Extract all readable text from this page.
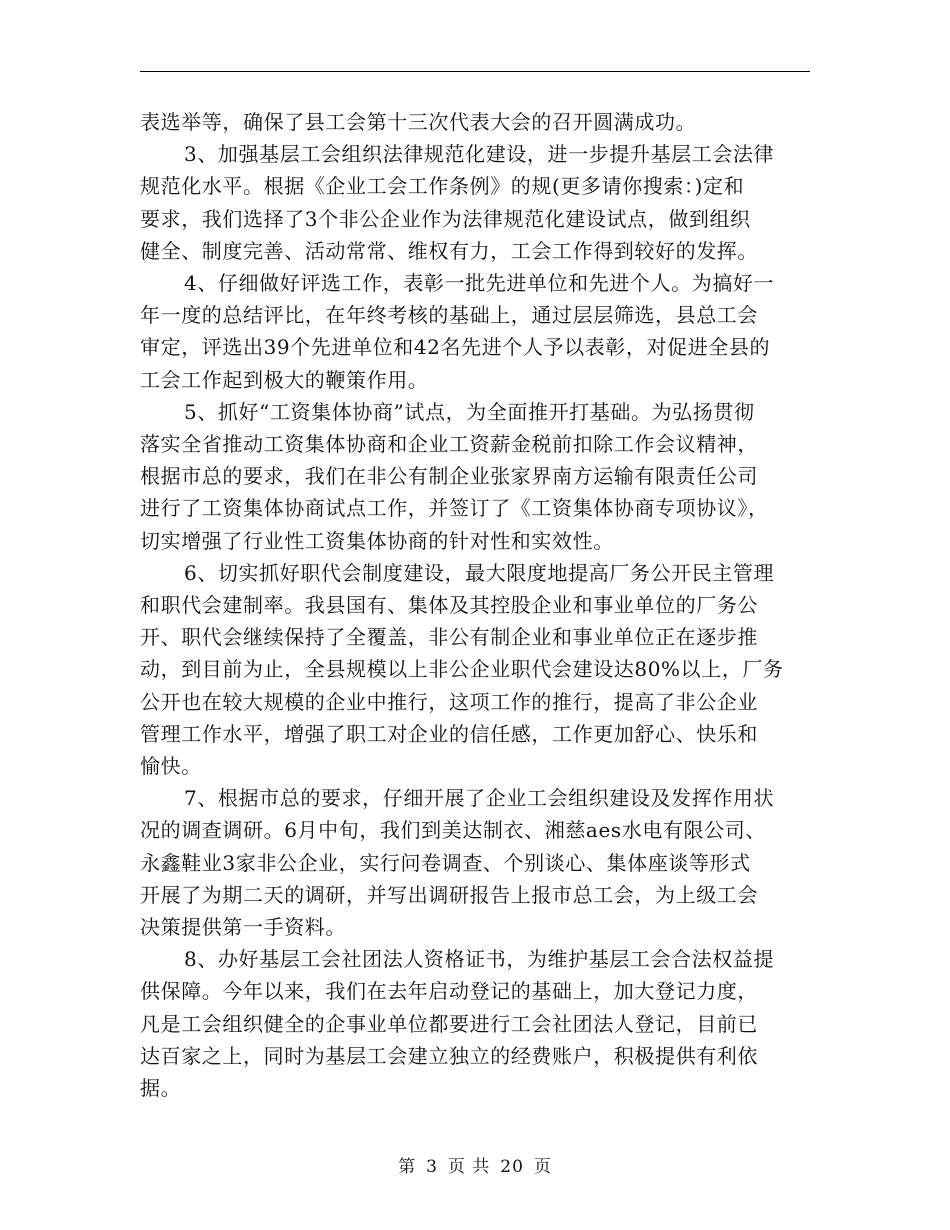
表选举等，确保了县工会第十三次代表大会的召开圆满成功。

3、加强基层工会组织法律规范化建设，进一步提升基层工会法律
规范化水平。根据《企业工会工作条例》的规(更多请你搜索：)定和
要求，我们选择了3个非公企业作为法律规范化建设试点，做到组织
健全、制度完善、活动常常、维权有力，工会工作得到较好的发挥。

4、仔细做好评选工作，表彰一批先进单位和先进个人。为搞好一
年一度的总结评比，在年终考核的基础上，通过层层筛选，县总工会
审定，评选出39个先进单位和42名先进个人予以表彰，对促进全县的
工会工作起到极大的鞭策作用。

5、抓好“工资集体协商”试点，为全面推开打基础。为弘扬贯彻
落实全省推动工资集体协商和企业工资薪金税前扣除工作会议精神，
根据市总的要求，我们在非公有制企业张家界南方运输有限责任公司
进行了工资集体协商试点工作，并签订了《工资集体协商专项协议》，
切实增强了行业性工资集体协商的针对性和实效性。

6、切实抓好职代会制度建设，最大限度地提高厂务公开民主管理
和职代会建制率。我县国有、集体及其控股企业和事业单位的厂务公
开、职代会继续保持了全覆盖，非公有制企业和事业单位正在逐步推
动，到目前为止，全县规模以上非公企业职代会建设达80%以上，厂务
公开也在较大规模的企业中推行，这项工作的推行，提高了非公企业
管理工作水平，增强了职工对企业的信任感，工作更加舒心、快乐和
愉快。

7、根据市总的要求，仔细开展了企业工会组织建设及发挥作用状
况的调查调研。6月中旬，我们到美达制衣、湘慈aes水电有限公司、
永鑫鞋业3家非公企业，实行问卷调查、个别谈心、集体座谈等形式
开展了为期二天的调研，并写出调研报告上报市总工会，为上级工会
决策提供第一手资料。

8、办好基层工会社团法人资格证书，为维护基层工会合法权益提
供保障。今年以来，我们在去年启动登记的基础上，加大登记力度，
凡是工会组织健全的企事业单位都要进行工会社团法人登记，目前已
达百家之上，同时为基层工会建立独立的经费账户，积极提供有利依
据。

第 3 页 共 20 页
